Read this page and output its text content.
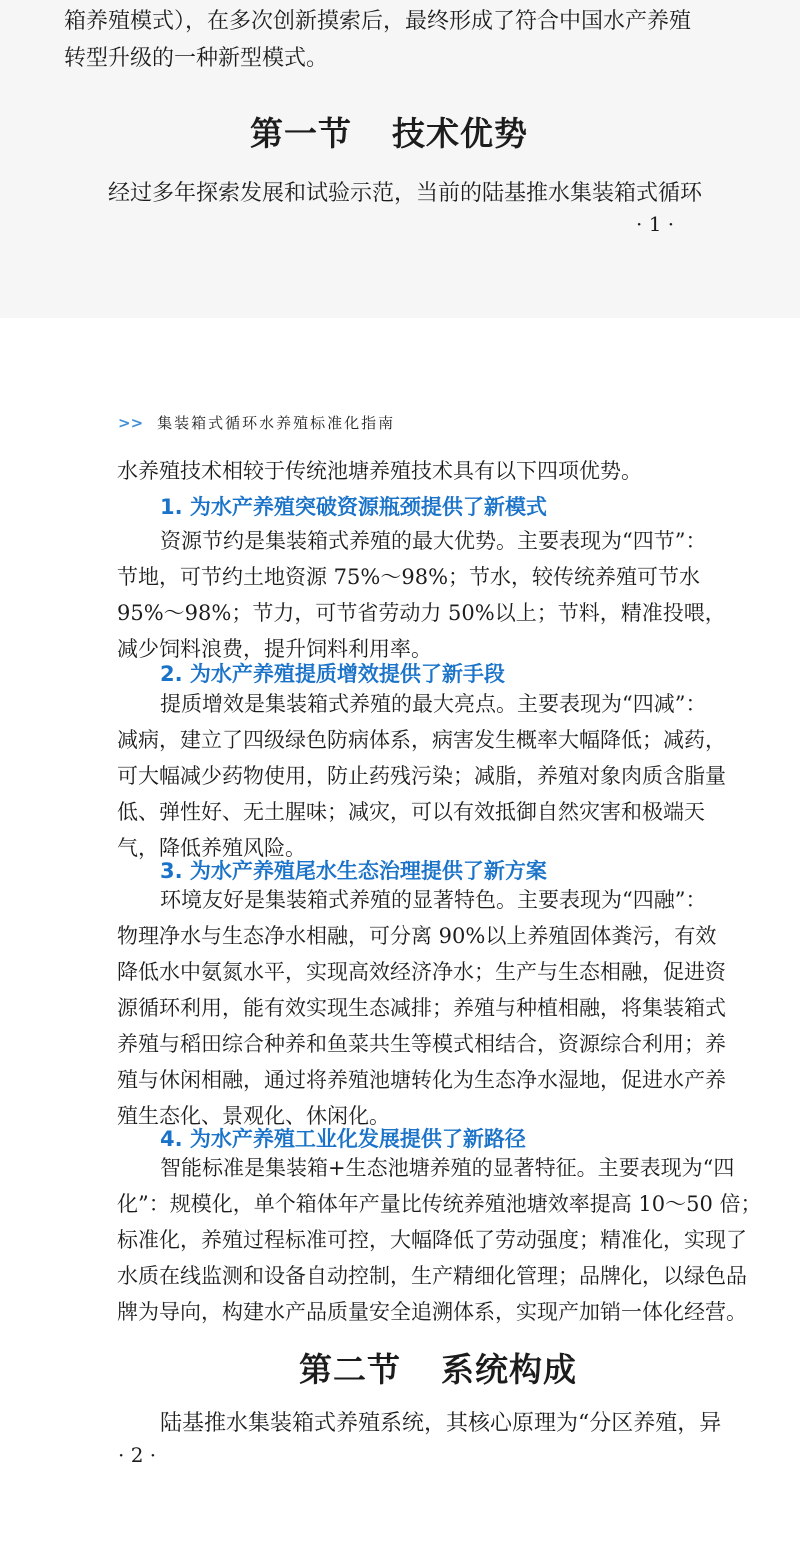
箱养殖模式），在多次创新摸索后，最终形成了符合中国水产养殖

转型升级的一种新型模式。

第一节 技术优势

经过多年探索发展和试验示范，当前的陆基推水集装箱式循环

· 1 ·
>> 集装箱式循环水养殖标准化指南

水养殖技术相较于传统池塘养殖技术具有以下四项优势。

1. 为水产养殖突破资源瓶颈提供了新模式

资源节约是集装箱式养殖的最大优势。主要表现为“四节”：

节地，可节约土地资源 75%～98%；节水，较传统养殖可节水

95%～98%；节力，可节省劳动力 50%以上；节料，精准投喂，

减少饲料浪费，提升饲料利用率。

2. 为水产养殖提质增效提供了新手段

提质增效是集装箱式养殖的最大亮点。主要表现为“四减”：

减病，建立了四级绿色防病体系，病害发生概率大幅降低；减药，

可大幅减少药物使用，防止药残污染；减脂，养殖对象肉质含脂量

低、弹性好、无土腥味；减灾，可以有效抵御自然灾害和极端天

气，降低养殖风险。

3. 为水产养殖尾水生态治理提供了新方案

环境友好是集装箱式养殖的显著特色。主要表现为“四融”：

物理净水与生态净水相融，可分离 90%以上养殖固体粪污，有效

降低水中氨氮水平，实现高效经济净水；生产与生态相融，促进资

源循环利用，能有效实现生态减排；养殖与种植相融，将集装箱式

养殖与稻田综合种养和鱼菜共生等模式相结合，资源综合利用；养

殖与休闲相融，通过将养殖池塘转化为生态净水湿地，促进水产养

殖生态化、景观化、休闲化。

4. 为水产养殖工业化发展提供了新路径

智能标准是集装箱+生态池塘养殖的显著特征。主要表现为“四

化”：规模化，单个箱体年产量比传统养殖池塘效率提高 10～50 倍；

标准化，养殖过程标准可控，大幅降低了劳动强度；精准化，实现了

水质在线监测和设备自动控制，生产精细化管理；品牌化，以绿色品

牌为导向，构建水产品质量安全追溯体系，实现产加销一体化经营。

第二节 系统构成

陆基推水集装箱式养殖系统，其核心原理为“分区养殖，异

· 2 ·
